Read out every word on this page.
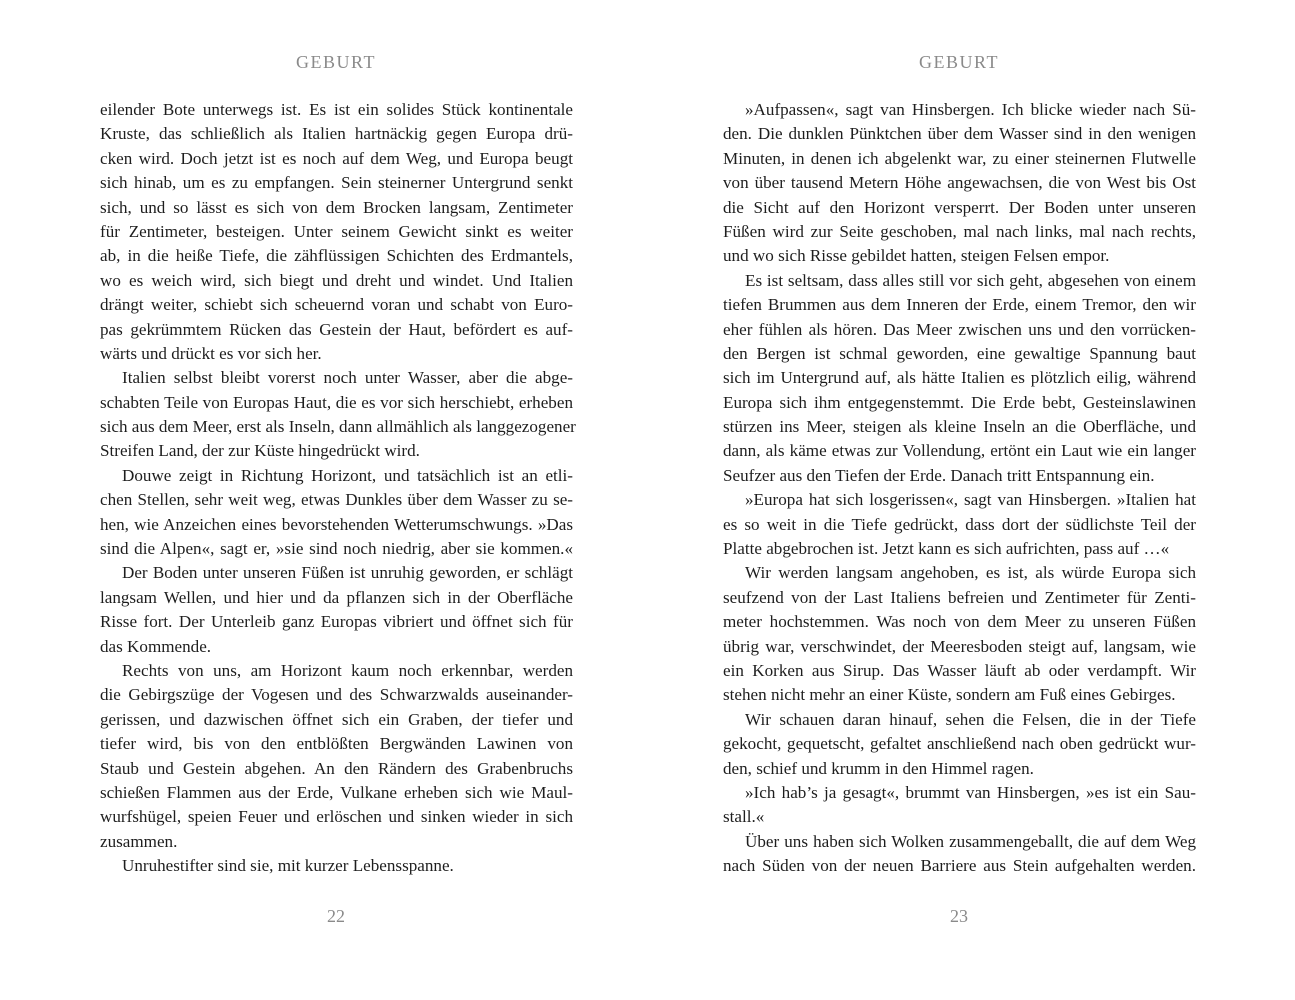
GEBURT
eilender Bote unterwegs ist. Es ist ein solides Stück kontinentale
Kruste, das schließlich als Italien hartnäckig gegen Europa drü-
cken wird. Doch jetzt ist es noch auf dem Weg, und Europa beugt
sich hinab, um es zu empfangen. Sein steinerner Untergrund senkt
sich, und so lässt es sich von dem Brocken langsam, Zentimeter
für Zentimeter, besteigen. Unter seinem Gewicht sinkt es weiter
ab, in die heiße Tiefe, die zähflüssigen Schichten des Erdmantels,
wo es weich wird, sich biegt und dreht und windet. Und Italien
drängt weiter, schiebt sich scheuernd voran und schabt von Euro-
pas gekrümmtem Rücken das Gestein der Haut, befördert es auf-
wärts und drückt es vor sich her.
Italien selbst bleibt vorerst noch unter Wasser, aber die abge-
schabten Teile von Europas Haut, die es vor sich herschiebt, erheben
sich aus dem Meer, erst als Inseln, dann allmählich als langgezogener
Streifen Land, der zur Küste hingedrückt wird.
Douwe zeigt in Richtung Horizont, und tatsächlich ist an etli-
chen Stellen, sehr weit weg, etwas Dunkles über dem Wasser zu se-
hen, wie Anzeichen eines bevorstehenden Wetterumschwungs. »Das
sind die Alpen«, sagt er, »sie sind noch niedrig, aber sie kommen.«
Der Boden unter unseren Füßen ist unruhig geworden, er schlägt
langsam Wellen, und hier und da pflanzen sich in der Oberfläche
Risse fort. Der Unterleib ganz Europas vibriert und öffnet sich für
das Kommende.
Rechts von uns, am Horizont kaum noch erkennbar, werden
die Gebirgszüge der Vogesen und des Schwarzwalds auseinander-
gerissen, und dazwischen öffnet sich ein Graben, der tiefer und
tiefer wird, bis von den entblößten Bergwänden Lawinen von
Staub und Gestein abgehen. An den Rändern des Grabenbruchs
schießen Flammen aus der Erde, Vulkane erheben sich wie Maul-
wurfshügel, speien Feuer und erlöschen und sinken wieder in sich
zusammen.
Unruhestifter sind sie, mit kurzer Lebensspanne.
22
GEBURT
»Aufpassen«, sagt van Hinsbergen. Ich blicke wieder nach Sü-
den. Die dunklen Pünktchen über dem Wasser sind in den wenigen
Minuten, in denen ich abgelenkt war, zu einer steinernen Flutwelle
von über tausend Metern Höhe angewachsen, die von West bis Ost
die Sicht auf den Horizont versperrt. Der Boden unter unseren
Füßen wird zur Seite geschoben, mal nach links, mal nach rechts,
und wo sich Risse gebildet hatten, steigen Felsen empor.
Es ist seltsam, dass alles still vor sich geht, abgesehen von einem
tiefen Brummen aus dem Inneren der Erde, einem Tremor, den wir
eher fühlen als hören. Das Meer zwischen uns und den vorrücken-
den Bergen ist schmal geworden, eine gewaltige Spannung baut
sich im Untergrund auf, als hätte Italien es plötzlich eilig, während
Europa sich ihm entgegenstemmt. Die Erde bebt, Gesteinslawinen
stürzen ins Meer, steigen als kleine Inseln an die Oberfläche, und
dann, als käme etwas zur Vollendung, ertönt ein Laut wie ein langer
Seufzer aus den Tiefen der Erde. Danach tritt Entspannung ein.
»Europa hat sich losgerissen«, sagt van Hinsbergen. »Italien hat
es so weit in die Tiefe gedrückt, dass dort der südlichste Teil der
Platte abgebrochen ist. Jetzt kann es sich aufrichten, pass auf …«
Wir werden langsam angehoben, es ist, als würde Europa sich
seufzend von der Last Italiens befreien und Zentimeter für Zenti-
meter hochstemmen. Was noch von dem Meer zu unseren Füßen
übrig war, verschwindet, der Meeresboden steigt auf, langsam, wie
ein Korken aus Sirup. Das Wasser läuft ab oder verdampft. Wir
stehen nicht mehr an einer Küste, sondern am Fuß eines Gebirges.
Wir schauen daran hinauf, sehen die Felsen, die in der Tiefe
gekocht, gequetscht, gefaltet anschließend nach oben gedrückt wur-
den, schief und krumm in den Himmel ragen.
»Ich hab’s ja gesagt«, brummt van Hinsbergen, »es ist ein Sau-
stall.«
Über uns haben sich Wolken zusammengeballt, die auf dem Weg
nach Süden von der neuen Barriere aus Stein aufgehalten werden.
23
